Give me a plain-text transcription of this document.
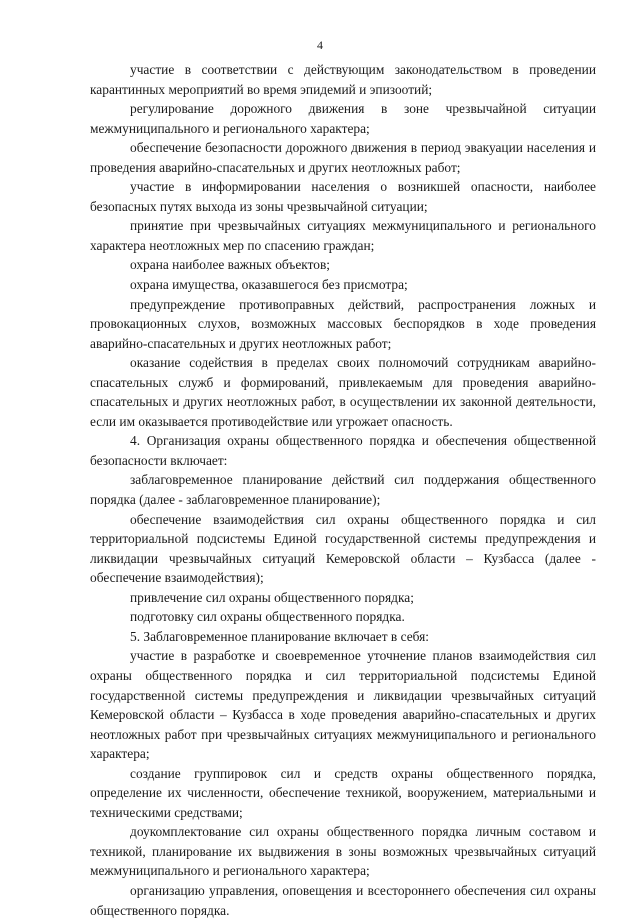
4

участие в соответствии с действующим законодательством в проведении карантинных мероприятий во время эпидемий и эпизоотий;

регулирование дорожного движения в зоне чрезвычайной ситуации межмуниципального и регионального характера;

обеспечение безопасности дорожного движения в период эвакуации населения и проведения аварийно-спасательных и других неотложных работ;

участие в информировании населения о возникшей опасности, наиболее безопасных путях выхода из зоны чрезвычайной ситуации;

принятие при чрезвычайных ситуациях межмуниципального и регионального характера неотложных мер по спасению граждан;

охрана наиболее важных объектов;

охрана имущества, оказавшегося без присмотра;

предупреждение противоправных действий, распространения ложных и провокационных слухов, возможных массовых беспорядков в ходе проведения аварийно-спасательных и других неотложных работ;

оказание содействия в пределах своих полномочий сотрудникам аварийно-спасательных служб и формирований, привлекаемым для проведения аварийно-спасательных и других неотложных работ, в осуществлении их законной деятельности, если им оказывается противодействие или угрожает опасность.

4. Организация охраны общественного порядка и обеспечения общественной безопасности включает:

заблаговременное планирование действий сил поддержания общественного порядка (далее - заблаговременное планирование);

обеспечение взаимодействия сил охраны общественного порядка и сил территориальной подсистемы Единой государственной системы предупреждения и ликвидации чрезвычайных ситуаций Кемеровской области – Кузбасса (далее - обеспечение взаимодействия);

привлечение сил охраны общественного порядка;

подготовку сил охраны общественного порядка.

5. Заблаговременное планирование включает в себя:

участие в разработке и своевременное уточнение планов взаимодействия сил охраны общественного порядка и сил территориальной подсистемы Единой государственной системы предупреждения и ликвидации чрезвычайных ситуаций Кемеровской области – Кузбасса в ходе проведения аварийно-спасательных и других неотложных работ при чрезвычайных ситуациях межмуниципального и регионального характера;

создание группировок сил и средств охраны общественного порядка, определение их численности, обеспечение техникой, вооружением, материальными и техническими средствами;

доукомплектование сил охраны общественного порядка личным составом и техникой, планирование их выдвижения в зоны возможных чрезвычайных ситуаций межмуниципального и регионального характера;

организацию управления, оповещения и всестороннего обеспечения сил охраны общественного порядка.
